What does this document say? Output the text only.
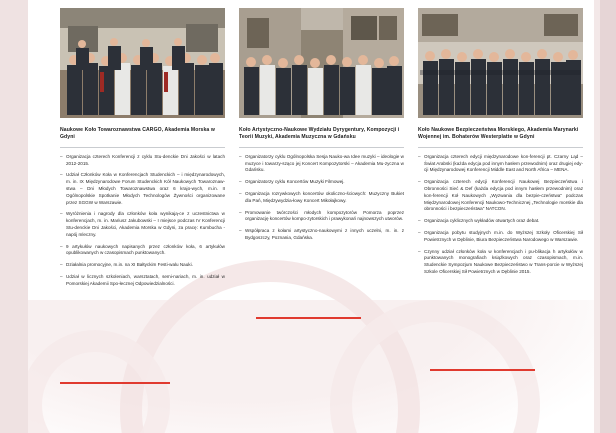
Naukowe Koło Towaroznawstwa CARGO, Akademia Morska w Gdyni
– Organizacja czterech Konferencji z cyklu Stu-denckie Dni Jakości w latach 2012-2015.
– Udział Członków Koła w Konferencjach Studenckich – i międzynarodowych, m. in. IX Międzynarodowe Forum Studenckich Kół Naukowych Towaroznaw-stwa – Dni Młodych Towaroznawstwa oraz 6 krajo-wych, m.in. II Ogólnopolskie Spotkanie Młodych Technologów Żywności organizowane przez SGGW w Warszawie.
– Wyróżnienia i nagrody dla członków koła wynikają-ce z uczestnictwa w konferencjach, m. in. Mariusz Jakubowski – I miejsce podczas IV Konferencji Stu-denckie Dni Jakości, Akademia Morska w Gdyni, za pracę: Kumbucha - napój mleczny.
– 9 artykułów naukowych napisanych przez członków koła, 6 artykułów opublikowanych w czasopismach punktowanych.
– Działalnia promocyjne, m.in. na XI Bałtyckim Festi-walu Nauki.
– Udział w licznych szkoleniach, warsztatach, semi-nariach, m. in. udział w Pomorskiej Akademii Spo-łecznej Odpowiedzialności.
Koło Artystyczno-Naukowe Wydziału Dyrygentury, Kompozycji i Teorii Muzyki, Akademia Muzyczna w Gdańsku
– Organizatorzy cyklu Ogólnopolska Sesja Nauko-wa Idee muzyki – ideologie w muzyce i towarzy-sząco jej Koncert Kompozytorski – Akademia Mu-zyczna w Gdańsku.
– Organizatorzy cyklu Koncertów Muzyki Filmowej.
– Organizacja rozrywkowych koncertów okoliczno-ściowych: Muzyczny Bukiet dla Pań, Międzywydzia-łowy Koncert Mikołajkowy.
– Promowanie twórczości młodych kompozytorów Pomorza poprzez organizację koncertów kompo-zytorskich i prawykonań najnowszych utworów.
– Współpraca z kołami artystyczno-naukowymi z innych uczelni, m. in. z Bydgoszczy, Poznania, Gdańska.
Koło Naukowe Bezpieczeństwa Morskiego, Akademia Marynarki Wojennej im. Bohaterów Westerplatte w Gdyni
– Organizacja czterech edycji międzynarodowe kon-ferencji pt. Czarny Ląd – Świat Arabski (każda edycja pod innym hasłem przewodnim) oraz drugiej edy-cji Międzynarodowej Konferencji Middle East and North Africa – MENA.
– Organizacja czterech edycji Konferencji Naukowej Bezpieczeństwa i Obronności Sieć & Def (każda edycja pod innym hasłem przewodnim) oraz kon-ferencji Koł Naukowych „Wyzwania dla bezpie-czeństwa" podczas Międzynarodowej Konferencji Naukowo-Technicznej „Technologie morskie dla obronności i bezpieczeństwa" NATCON.
– Organizacja cyklicznych wykładów otwartych oraz debat.
– Organizacja pobytu studyjnych m.in. do Wyższej Szkoły Oficerskiej Sił Powietrznych w Dęblinie, Biura Bezpieczeństwa Narodowego w Warszawie.
– Czynny udział członków koła w konferencjach i pu-blikacja h artykułów w punktowanych monografiach książkowych oraz czasopismach, m.in. Studenckie Sympozjum Naukowe Bezpieczeństwo w Trans-porcie w Wyższej Szkole Oficerskiej Sił Powietrznych w Dęblinie 2015.
